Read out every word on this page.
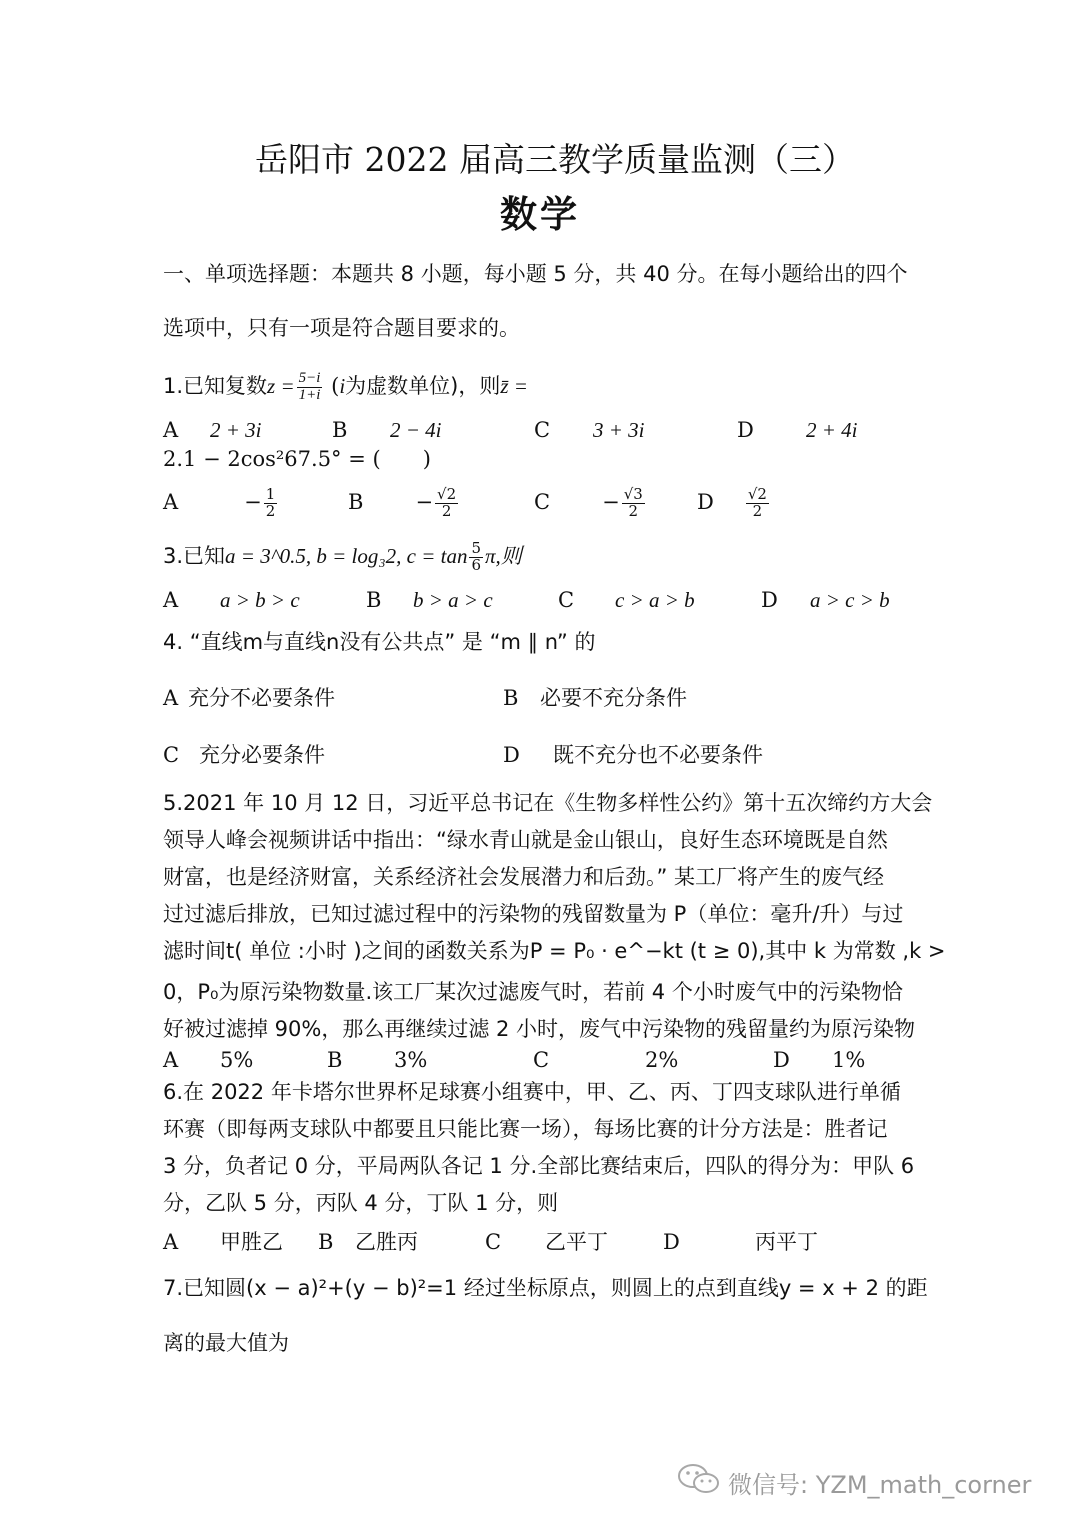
岳阳市 2022 届高三教学质量监测（三）
数学
一、单项选择题：本题共 8 小题，每小题 5 分，共 40 分。在每小题给出的四个
选项中，只有一项是符合题目要求的。
1.已知复数$z = \frac{5-i}{1+i} (i$为虚数单位)，则z̄ =
A 2 + 3i	B 2 − 4i	C 3 + 3i	D 2 + 4i
2.1 − 2cos²67.5° = (　　)
A	− $\frac{1}{2}$	$B - \frac{√2}{2}$	$C - \frac{√3}{2}$ D $\frac{√2}{2}$
3.已知a = 3^0.5, b = log₃2, $c = \tan \frac{5}{6} \pi$,则
A a > b > c	B b > a > c	C c > a > b	D a > c > b
4. “直线m与直线n没有公共点” 是 “m ∥ n” 的
A 充分不必要条件	B 必要不充分条件
C 充分必要条件	D 既不充分也不必要条件
5.2021 年 10 月 12 日，习近平总书记在《生物多样性公约》第十五次缔约方大会
领导人峰会视频讲话中指出：“绿水青山就是金山银山，良好生态环境既是自然
财富，也是经济财富，关系经济社会发展潜力和后劲。” 某工厂将产生的废气经
过过滤后排放，已知过滤过程中的污染物的残留数量为 P（单位：毫升/升）与过
滤时间t( 单位 :小时 )之间的函数关系为P = P₀ · e^−kt (t ≥ 0),其中 k 为常数 ,k >
0，P₀为原污染物数量.该工厂某次过滤废气时，若前 4 个小时废气中的污染物恰
好被过滤掉 90%，那么再继续过滤 2 小时，废气中污染物的残留量约为原污染物
A 5%	B 3%	C	2%	D 1%
6.在 2022 年卡塔尔世界杯足球赛小组赛中，甲、乙、丙、丁四支球队进行单循
环赛（即每两支球队中都要且只能比赛一场），每场比赛的计分方法是：胜者记
3 分，负者记 0 分，平局两队各记 1 分.全部比赛结束后，四队的得分为：甲队 6
分，乙队 5 分，丙队 4 分，丁队 1 分，则
A 甲胜乙 B 乙胜丙	C 乙平丁	D	丙平丁
7.已知圆(x − a)²+(y − b)²=1 经过坐标原点，则圆上的点到直线y = x + 2 的距
离的最大值为
微信号: YZM_math_corner
